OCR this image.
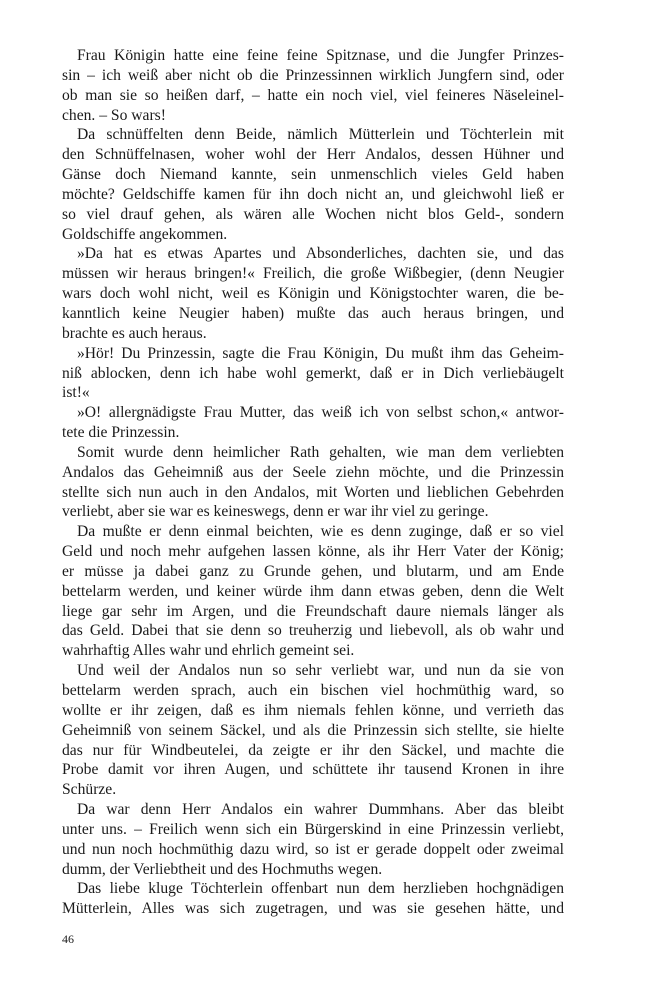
Frau Königin hatte eine feine feine Spitznase, und die Jungfer Prinzes-
sin – ich weiß aber nicht ob die Prinzessinnen wirklich Jungfern sind, oder
ob man sie so heißen darf, – hatte ein noch viel, viel feineres Näseleinel-
chen. – So wars!
Da schnüffelten denn Beide, nämlich Mütterlein und Töchterlein mit
den Schnüffelnasen, woher wohl der Herr Andalos, dessen Hühner und
Gänse doch Niemand kannte, sein unmenschlich vieles Geld haben
möchte? Geldschiffe kamen für ihn doch nicht an, und gleichwohl ließ er
so viel drauf gehen, als wären alle Wochen nicht blos Geld-, sondern
Goldschiffe angekommen.
»Da hat es etwas Apartes und Absonderliches, dachten sie, und das
müssen wir heraus bringen!« Freilich, die große Wißbegier, (denn Neugier
wars doch wohl nicht, weil es Königin und Königstochter waren, die be-
kanntlich keine Neugier haben) mußte das auch heraus bringen, und
brachte es auch heraus.
»Hör! Du Prinzessin, sagte die Frau Königin, Du mußt ihm das Geheim-
niß ablocken, denn ich habe wohl gemerkt, daß er in Dich verliebäugelt
ist!«
»O! allergnädigste Frau Mutter, das weiß ich von selbst schon,« antwor-
tete die Prinzessin.
Somit wurde denn heimlicher Rath gehalten, wie man dem verliebten
Andalos das Geheimniß aus der Seele ziehn möchte, und die Prinzessin
stellte sich nun auch in den Andalos, mit Worten und lieblichen Gebehrden
verliebt, aber sie war es keineswegs, denn er war ihr viel zu geringe.
Da mußte er denn einmal beichten, wie es denn zuginge, daß er so viel
Geld und noch mehr aufgehen lassen könne, als ihr Herr Vater der König;
er müsse ja dabei ganz zu Grunde gehen, und blutarm, und am Ende
bettelarm werden, und keiner würde ihm dann etwas geben, denn die Welt
liege gar sehr im Argen, und die Freundschaft daure niemals länger als
das Geld. Dabei that sie denn so treuherzig und liebevoll, als ob wahr und
wahrhaftig Alles wahr und ehrlich gemeint sei.
Und weil der Andalos nun so sehr verliebt war, und nun da sie von
bettelarm werden sprach, auch ein bischen viel hochmüthig ward, so
wollte er ihr zeigen, daß es ihm niemals fehlen könne, und verrieth das
Geheimniß von seinem Säckel, und als die Prinzessin sich stellte, sie hielte
das nur für Windbeutelei, da zeigte er ihr den Säckel, und machte die
Probe damit vor ihren Augen, und schüttete ihr tausend Kronen in ihre
Schürze.
Da war denn Herr Andalos ein wahrer Dummhans. Aber das bleibt
unter uns. – Freilich wenn sich ein Bürgerskind in eine Prinzessin verliebt,
und nun noch hochmüthig dazu wird, so ist er gerade doppelt oder zweimal
dumm, der Verliebtheit und des Hochmuths wegen.
Das liebe kluge Töchterlein offenbart nun dem herzlieben hochgnädigen
Mütterlein, Alles was sich zugetragen, und was sie gesehen hätte, und
46
